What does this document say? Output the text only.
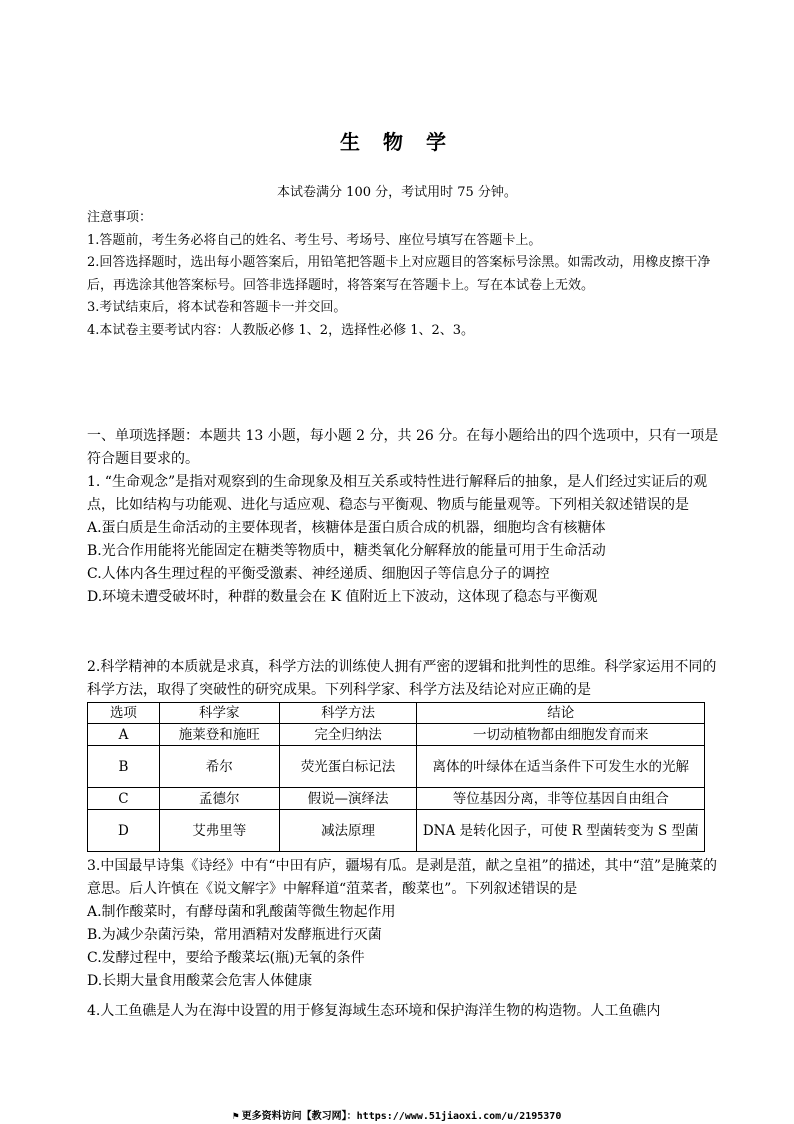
生 物 学
本试卷满分 100 分，考试用时 75 分钟。
注意事项：
1.答题前，考生务必将自己的姓名、考生号、考场号、座位号填写在答题卡上。
2.回答选择题时，选出每小题答案后，用铅笔把答题卡上对应题目的答案标号涂黑。如需改动，用橡皮擦干净后，再选涂其他答案标号。回答非选择题时，将答案写在答题卡上。写在本试卷上无效。
3.考试结束后，将本试卷和答题卡一并交回。
4.本试卷主要考试内容：人教版必修 1、2，选择性必修 1、2、3。
一、单项选择题：本题共 13 小题，每小题 2 分，共 26 分。在每小题给出的四个选项中，只有一项是符合题目要求的。
1. “生命观念”是指对观察到的生命现象及相互关系或特性进行解释后的抽象，是人们经过实证后的观点，比如结构与功能观、进化与适应观、稳态与平衡观、物质与能量观等。下列相关叙述错误的是
A.蛋白质是生命活动的主要体现者，核糖体是蛋白质合成的机器，细胞均含有核糖体
B.光合作用能将光能固定在糖类等物质中，糖类氧化分解释放的能量可用于生命活动
C.人体内各生理过程的平衡受激素、神经递质、细胞因子等信息分子的调控
D.环境未遭受破坏时，种群的数量会在 K 值附近上下波动，这体现了稳态与平衡观
2.科学精神的本质就是求真，科学方法的训练使人拥有严密的逻辑和批判性的思维。科学家运用不同的科学方法，取得了突破性的研究成果。下列科学家、科学方法及结论对应正确的是
选项	科学家	科学方法	结论
A	施莱登和施旺	完全归纳法	一切动植物都由细胞发育而来
B	希尔	荧光蛋白标记法	离体的叶绿体在适当条件下可发生水的光解
C	孟德尔	假说—演绎法	等位基因分离，非等位基因自由组合
D	艾弗里等	减法原理	DNA 是转化因子，可使 R 型菌转变为 S 型菌
3.中国最早诗集《诗经》中有“中田有庐，疆埸有瓜。是剥是菹，献之皇祖”的描述，其中“菹”是腌菜的意思。后人许慎在《说文解字》中解释道“菹菜者，酸菜也”。下列叙述错误的是
A.制作酸菜时，有酵母菌和乳酸菌等微生物起作用
B.为减少杂菌污染，常用酒精对发酵瓶进行灭菌
C.发酵过程中，要给予酸菜坛(瓶)无氧的条件
D.长期大量食用酸菜会危害人体健康
4.人工鱼礁是人为在海中设置的用于修复海域生态环境和保护海洋生物的构造物。人工鱼礁内
⚑ 更多资料访问【教习网】：https://www.51jiaoxi.com/u/2195370
